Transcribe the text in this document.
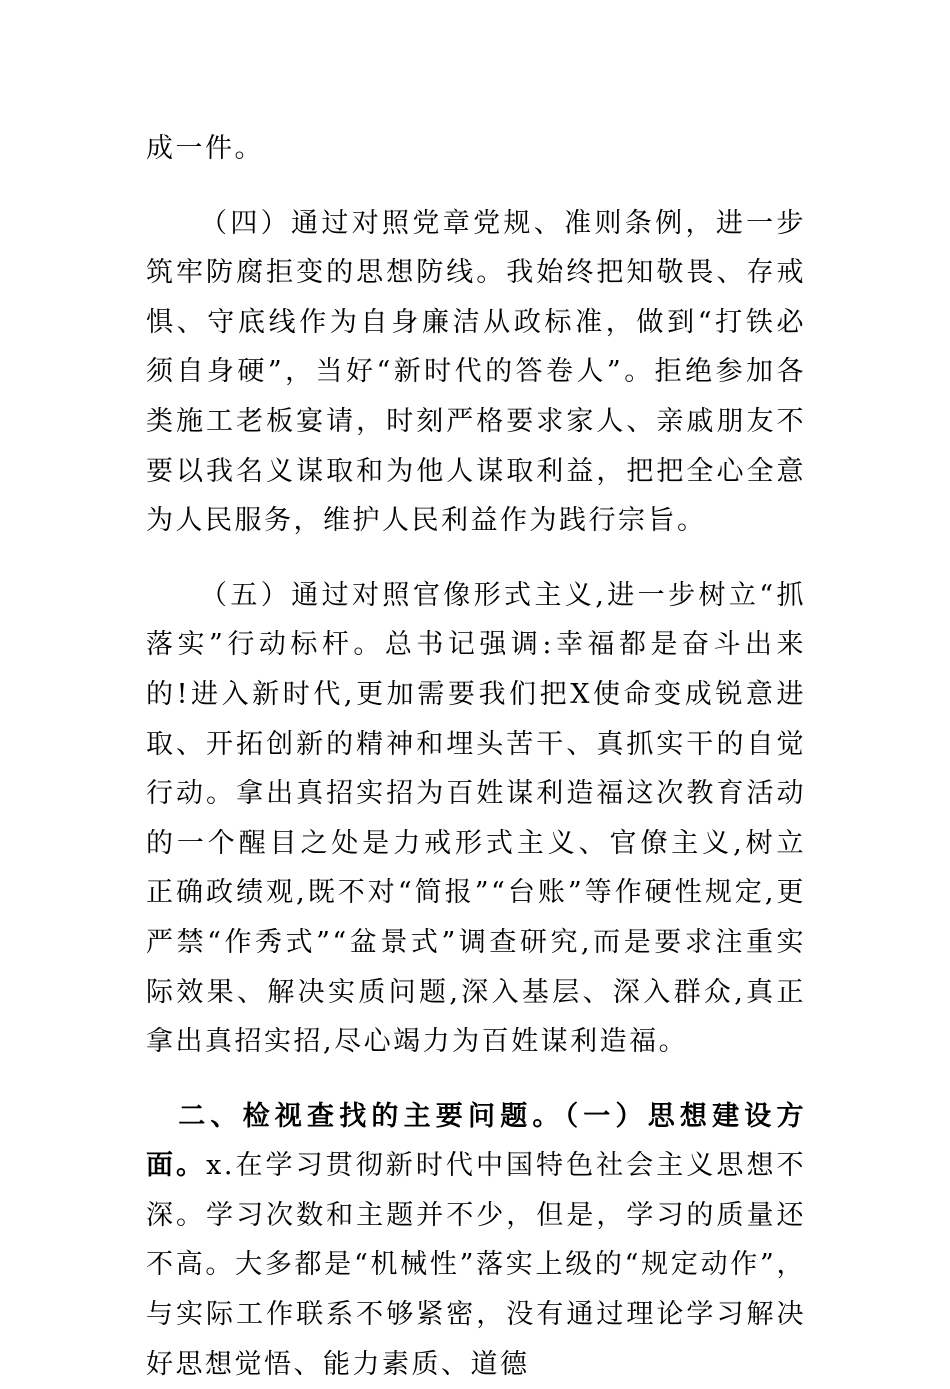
成一件。

（四）通过对照党章党规、准则条例，进一步筑牢防腐拒变的思想防线。我始终把知敬畏、存戒惧、守底线作为自身廉洁从政标准，做到“打铁必须自身硬”，当好“新时代的答卷人”。拒绝参加各类施工老板宴请，时刻严格要求家人、亲戚朋友不要以我名义谋取和为他人谋取利益，把把全心全意为人民服务，维护人民利益作为践行宗旨。

（五）通过对照官像形式主义,进一步树立“抓落实”行动标杆。总书记强调:幸福都是奋斗出来的!进入新时代,更加需要我们把X使命变成锐意进取、开拓创新的精神和埋头苦干、真抓实干的自觉行动。拿出真招实招为百姓谋利造福这次教育活动的一个醒目之处是力戒形式主义、官僚主义,树立正确政绩观,既不对“简报”“台账”等作硬性规定,更严禁“作秀式”“盆景式”调查研究,而是要求注重实际效果、解决实质问题,深入基层、深入群众,真正拿出真招实招,尽心竭力为百姓谋利造福。

　二、检视查找的主要问题。（一）思想建设方面。x.在学习贯彻新时代中国特色社会主义思想不深。学习次数和主题并不少，但是，学习的质量还不高。大多都是“机械性”落实上级的“规定动作”，与实际工作联系不够紧密，没有通过理论学习解决好思想觉悟、能力素质、道德
